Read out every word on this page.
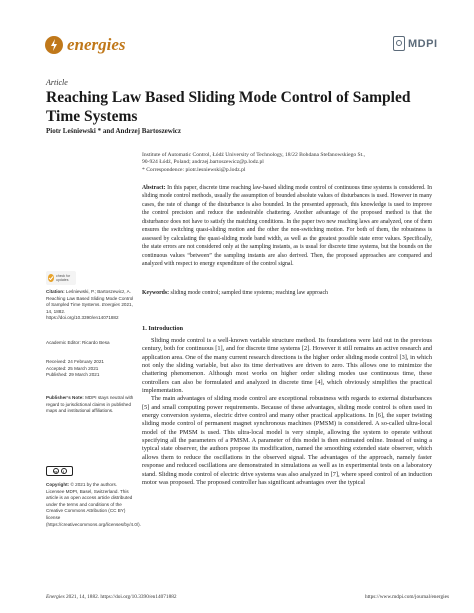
energies	MDPI
Article
Reaching Law Based Sliding Mode Control of Sampled Time Systems
Piotr Leśniewski * and Andrzej Bartoszewicz
Institute of Automatic Control, Łódź University of Technology, 18/22 Bohdana Stefanowskiego St.,
90-924 Łódź, Poland; andrzej.bartoszewicz@p.lodz.pl
* Correspondence: piotr.lesniewski@p.lodz.pl
Abstract: In this paper, discrete time reaching law-based sliding mode control of continuous time systems is considered. In sliding mode control methods, usually the assumption of bounded absolute values of disturbances is used. However in many cases, the rate of change of the disturbance is also bounded. In the presented approach, this knowledge is used to improve the control precision and reduce the undesirable chattering. Another advantage of the proposed method is that the disturbance does not have to satisfy the matching conditions. In the paper two new reaching laws are analyzed, one of them ensures the switching quasi-sliding motion and the other the non-switching motion. For both of them, the robustness is assessed by calculating the quasi-sliding mode band width, as well as the greatest possible state error values. Specifically, the state errors are not considered only at the sampling instants, as is usual for discrete time systems, but the bounds on the continuous values “between” the sampling instants are also derived. Then, the proposed approaches are compared and analyzed with respect to energy expenditure of the control signal.
Keywords: sliding mode control; sampled time systems; reaching law approach
check for updates
Citation: Leśniewski, P.; Bartoszewicz, A. Reaching Law Based Sliding Mode Control of Sampled Time Systems. Energies 2021, 14, 1882. https://doi.org/10.3390/en14071882
Academic Editor: Ricardo Besa
Received: 24 February 2021
Accepted: 25 March 2021
Published: 29 March 2021
Publisher’s Note: MDPI stays neutral with regard to jurisdictional claims in published maps and institutional affiliations.
cc	i
Copyright: © 2021 by the authors. Licensee MDPI, Basel, Switzerland. This article is an open access article distributed under the terms and conditions of the Creative Commons Attribution (CC BY) license (https://creativecommons.org/licenses/by/4.0/).
1. Introduction

Sliding mode control is a well-known variable structure method. Its foundations were laid out in the previous century, both for continuous [1], and for discrete time systems [2]. However it still remains an active research and application area. One of the many current research directions is the higher order sliding mode control [3], in which not only the sliding variable, but also its time derivatives are driven to zero. This allows one to minimize the chattering phenomenon. Although most works on higher order sliding modes use continuous time, these controllers can also be formulated and analyzed in discrete time [4], which obviously simplifies the practical implementation.

The main advantages of sliding mode control are exceptional robustness with regards to external disturbances [5] and small computing power requirements. Because of these advantages, sliding mode control is often used in energy conversion systems, electric drive control and many other practical applications. In [6], the super twisting sliding mode control of permanent magnet synchronous machines (PMSM) is considered. A so-called ultra-local model of the PMSM is used. This ultra-local model is very simple, allowing the system to operate without specifying all the parameters of a PMSM. A parameter of this model is then estimated online. Instead of using a typical state observer, the authors propose its modification, named the smoothing extended state observer, which allows them to reduce the oscillations in the observed signal. The advantages of the approach, namely faster response and reduced oscillations are demonstrated in simulations as well as in experimental tests on a laboratory stand. Sliding mode control of electric drive systems was also analyzed in [7], where speed control of an induction motor was proposed. The proposed controller has significant advantages over the typical

Energies 2021, 14, 1882. https://doi.org/10.3390/en14071882	https://www.mdpi.com/journal/energies
